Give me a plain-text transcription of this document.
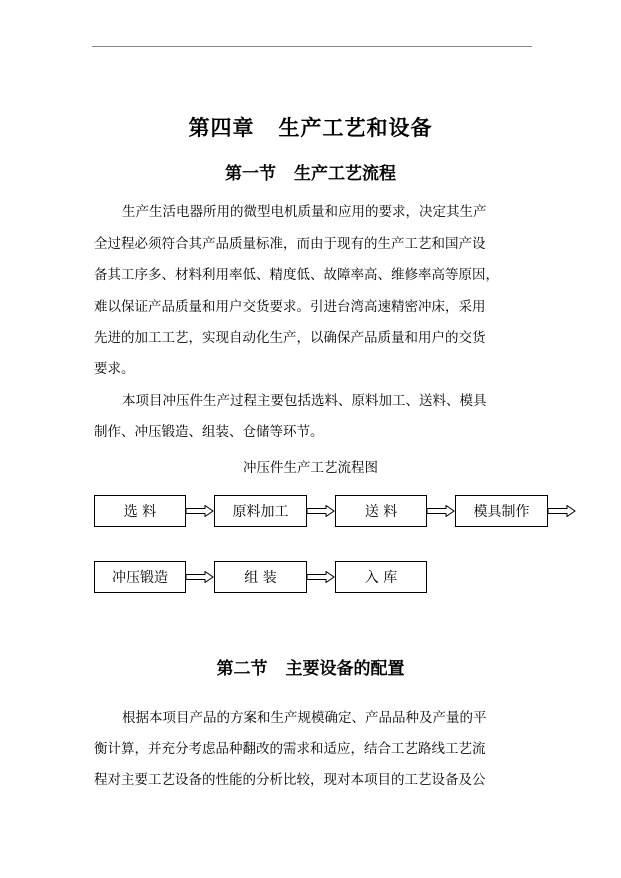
第四章 生产工艺和设备
第一节 生产工艺流程
生产生活电器所用的微型电机质量和应用的要求，决定其生产
全过程必须符合其产品质量标准，而由于现有的生产工艺和国产设
备其工序多、材料利用率低、精度低、故障率高、维修率高等原因，
难以保证产品质量和用户交货要求。引进台湾高速精密冲床，采用
先进的加工工艺，实现自动化生产，以确保产品质量和用户的交货
要求。
本项目冲压件生产过程主要包括选料、原料加工、送料、模具
制作、冲压锻造、组装、仓储等环节。
冲压件生产工艺流程图
选 料	原料加工	送 料	模具制作
冲压锻造	组 装	入 库
第二节 主要设备的配置
根据本项目产品的方案和生产规模确定、产品品种及产量的平
衡计算，并充分考虑品种翻改的需求和适应，结合工艺路线工艺流
程对主要工艺设备的性能的分析比较，现对本项目的工艺设备及公
